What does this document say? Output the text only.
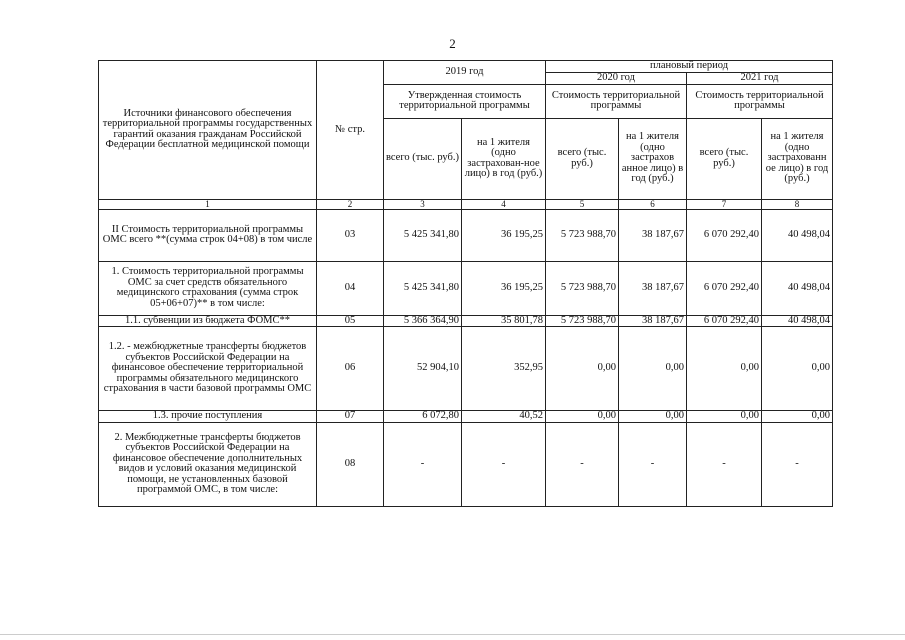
2
Источники финансового обеспечения территориальной программы государственных гарантий оказания гражданам Российской Федерации бесплатной медицинской помощи	№ стр.	2019 год		плановый период			
				2020 год		2021 год	
		Утвержденная стоимость территориальной программы		Стоимость территориальной программы		Стоимость территориальной программы	
		всего (тыс. руб.)	на 1 жителя (одно застрахован-ное лицо) в год (руб.)	всего (тыс. руб.)	на 1 жителя (одно застрахов анное лицо) в год (руб.)	всего (тыс. руб.)	на 1 жителя (одно застрахованн ое лицо) в год (руб.)
1	2	3	4	5	6	7	8
II Стоимость территориальной программы ОМС всего **(сумма строк 04+08) в том числе	03	5 425 341,80	36 195,25	5 723 988,70	38 187,67	6 070 292,40	40 498,04
1. Стоимость территориальной программы ОМС за счет средств обязательного медицинского страхования (сумма строк 05+06+07)** в том числе:	04	5 425 341,80	36 195,25	5 723 988,70	38 187,67	6 070 292,40	40 498,04
1.1. субвенции из бюджета ФОМС**	05	5 366 364,90	35 801,78	5 723 988,70	38 187,67	6 070 292,40	40 498,04
1.2. - межбюджетные трансферты бюджетов субъектов Российской Федерации на финансовое обеспечение территориальной программы обязательного медицинского страхования в части базовой программы ОМС	06	52 904,10	352,95	0,00	0,00	0,00	0,00
1.3. прочие поступления	07	6 072,80	40,52	0,00	0,00	0,00	0,00
2. Межбюджетные трансферты бюджетов субъектов Российской Федерации на финансовое обеспечение дополнительных видов и условий оказания медицинской помощи, не установленных базовой программой ОМС, в том числе:	08	-	-	-	-	-	-
